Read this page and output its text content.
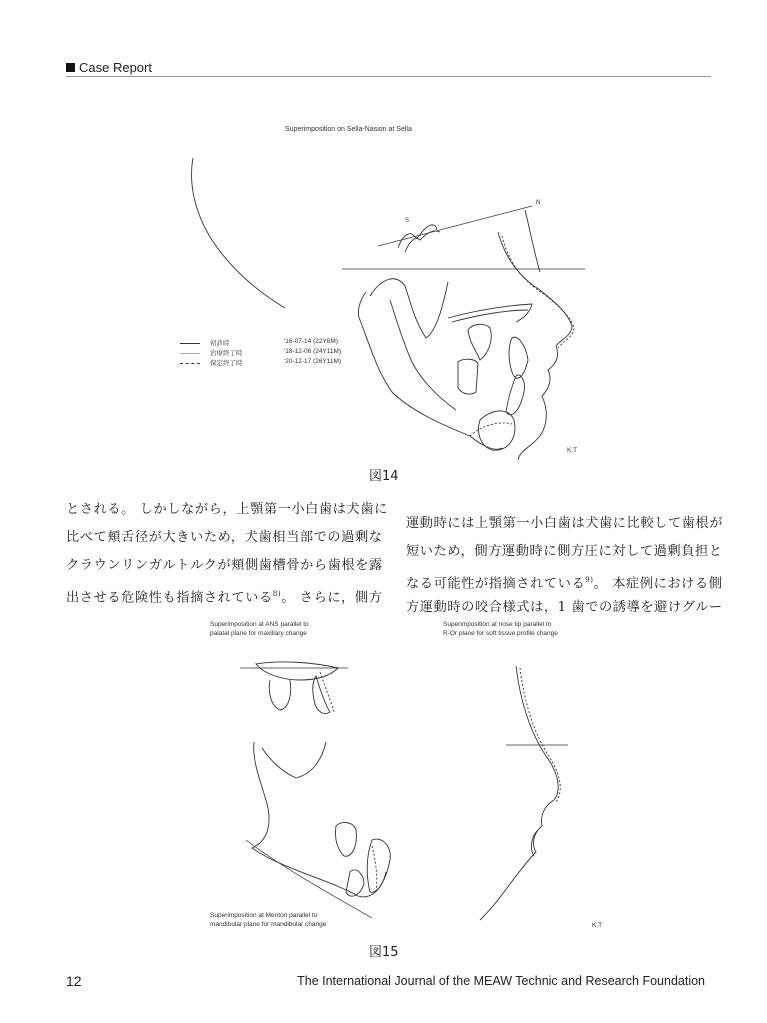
Case Report
Superimposition on Sella-Nasion at Sella
S
N
初診時	'16-07-14 (22Y6M)
治療終了時	'18-12-06 (24Y11M)
保定終了時	'20-12-17 (26Y11M)
K.T
図14

とされる。 しかしながら，上顎第一小白歯は犬歯に

比べて頬舌径が大きいため，犬歯相当部での過剰な

クラウンリンガルトルクが頬側歯槽骨から歯根を露

出させる危険性も指摘されている$^{8)}$。 さらに，側方

運動時には上顎第一小白歯は犬歯に比較して歯根が

短いため，側方運動時に側方圧に対して過剰負担と

なる可能性が指摘されている$^{9)}$。 本症例における側

方運動時の咬合様式は，1 歯での誘導を避けグルー

Superimposition at ANS parallel to
palatal plane for maxillary change
Superimposition at nose tip parallel to
R-Or plane for soft tissue profile change
Superimposition at Menton parallel to
mandibular plane for mandibular change	K.T
図15
12	The International Journal of the MEAW Technic and Research Foundation
